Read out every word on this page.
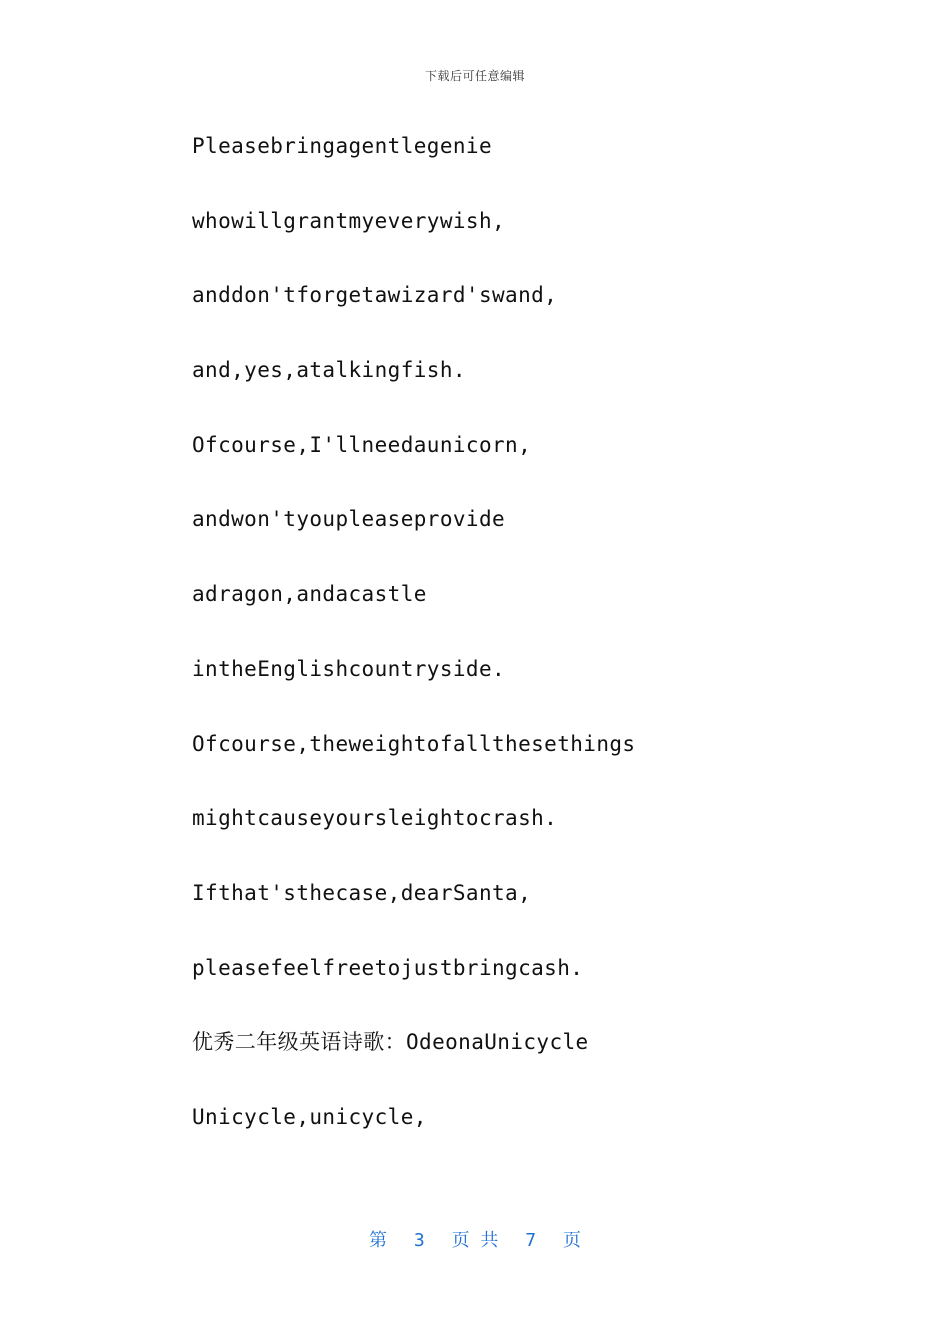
下载后可任意编辑
Pleasebringagentlegenie
whowillgrantmyeverywish,
anddon'tforgetawizard'swand,
and,yes,atalkingfish.
Ofcourse,I'llneedaunicorn,
andwon'tyoupleaseprovide
adragon,andacastle
intheEnglishcountryside.
Ofcourse,theweightofallthesethings
mightcauseyoursleightocrash.
Ifthat'sthecase,dearSanta,
pleasefeelfreetojustbringcash.
优秀二年级英语诗歌：OdeonaUnicycle
Unicycle,unicycle,
第 3 页 共 7 页
